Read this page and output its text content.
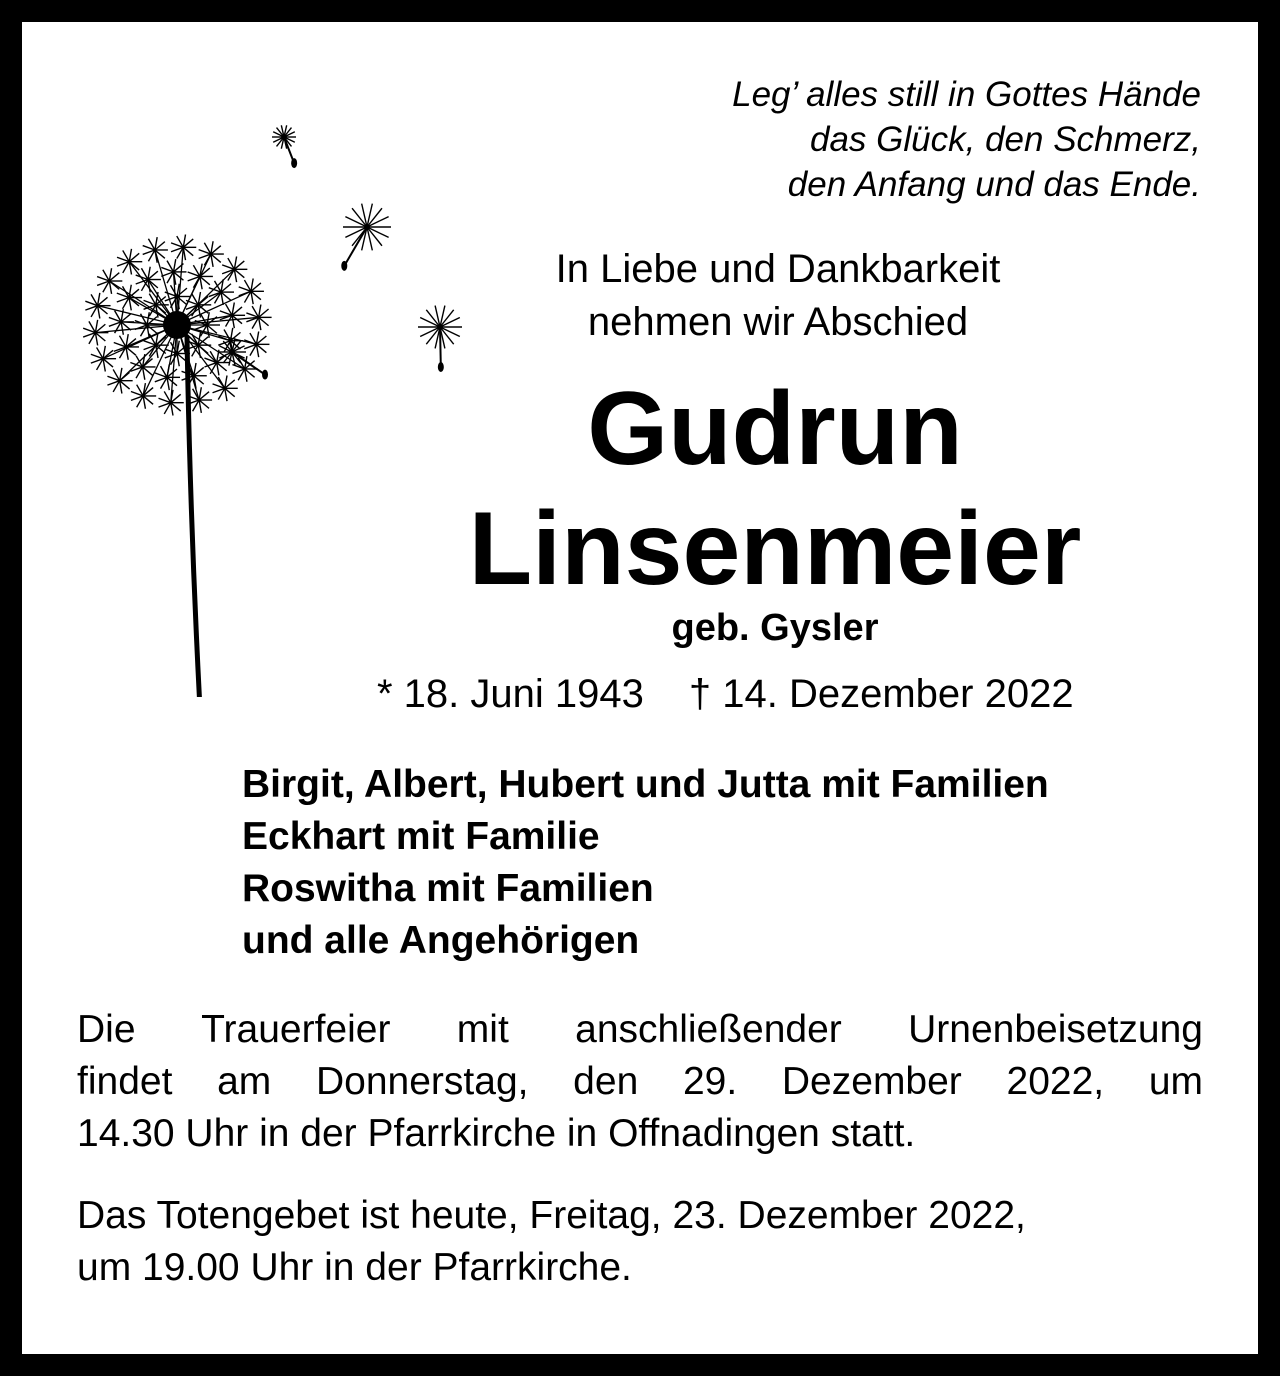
Leg’ alles still in Gottes Hände
das Glück, den Schmerz,
den Anfang und das Ende.
In Liebe und Dankbarkeit
nehmen wir Abschied
Gudrun
Linsenmeier
geb. Gysler
* 18. Juni 1943 † 14. Dezember 2022
Birgit, Albert, Hubert und Jutta mit Familien
Eckhart mit Familie
Roswitha mit Familien
und alle Angehörigen
Die Trauerfeier mit anschließender Urnenbeisetzung
findet am Donnerstag, den 29. Dezember 2022, um
14.30 Uhr in der Pfarrkirche in Offnadingen statt.
Das Totengebet ist heute, Freitag, 23. Dezember 2022,
um 19.00 Uhr in der Pfarrkirche.
